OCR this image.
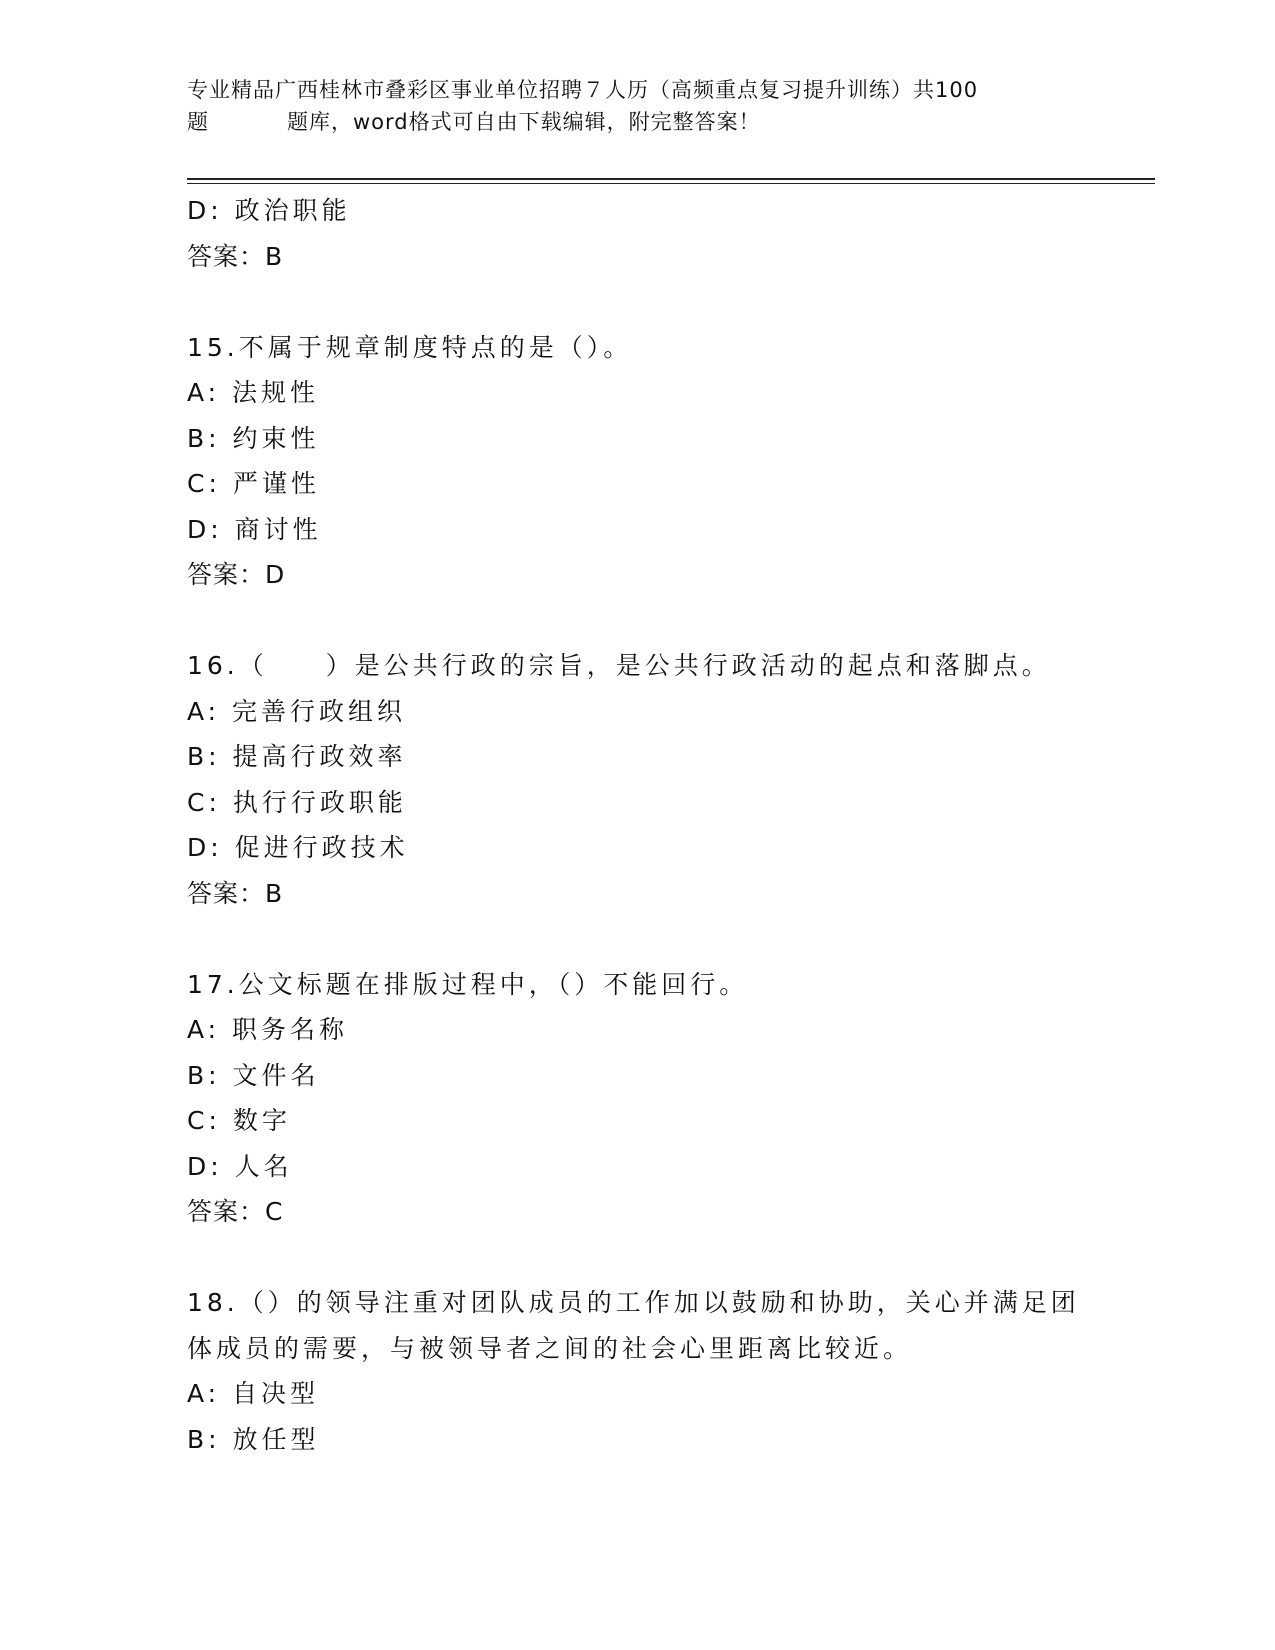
专业精品广西桂林市叠彩区事业单位招聘７人历（高频重点复习提升训练）共100
题	题库，word格式可自由下载编辑，附完整答案！
D: 政治职能
答案：B
15.不属于规章制度特点的是（）。
A: 法规性
B: 约束性
C: 严谨性
D: 商讨性
答案：D
16.（　　）是公共行政的宗旨，是公共行政活动的起点和落脚点。
A: 完善行政组织
B: 提高行政效率
C: 执行行政职能
D: 促进行政技术
答案：B
17.公文标题在排版过程中，（）不能回行。
A: 职务名称
B: 文件名
C: 数字
D: 人名
答案：C
18.（）的领导注重对团队成员的工作加以鼓励和协助，关心并满足团
体成员的需要，与被领导者之间的社会心里距离比较近。
A: 自决型
B: 放任型
